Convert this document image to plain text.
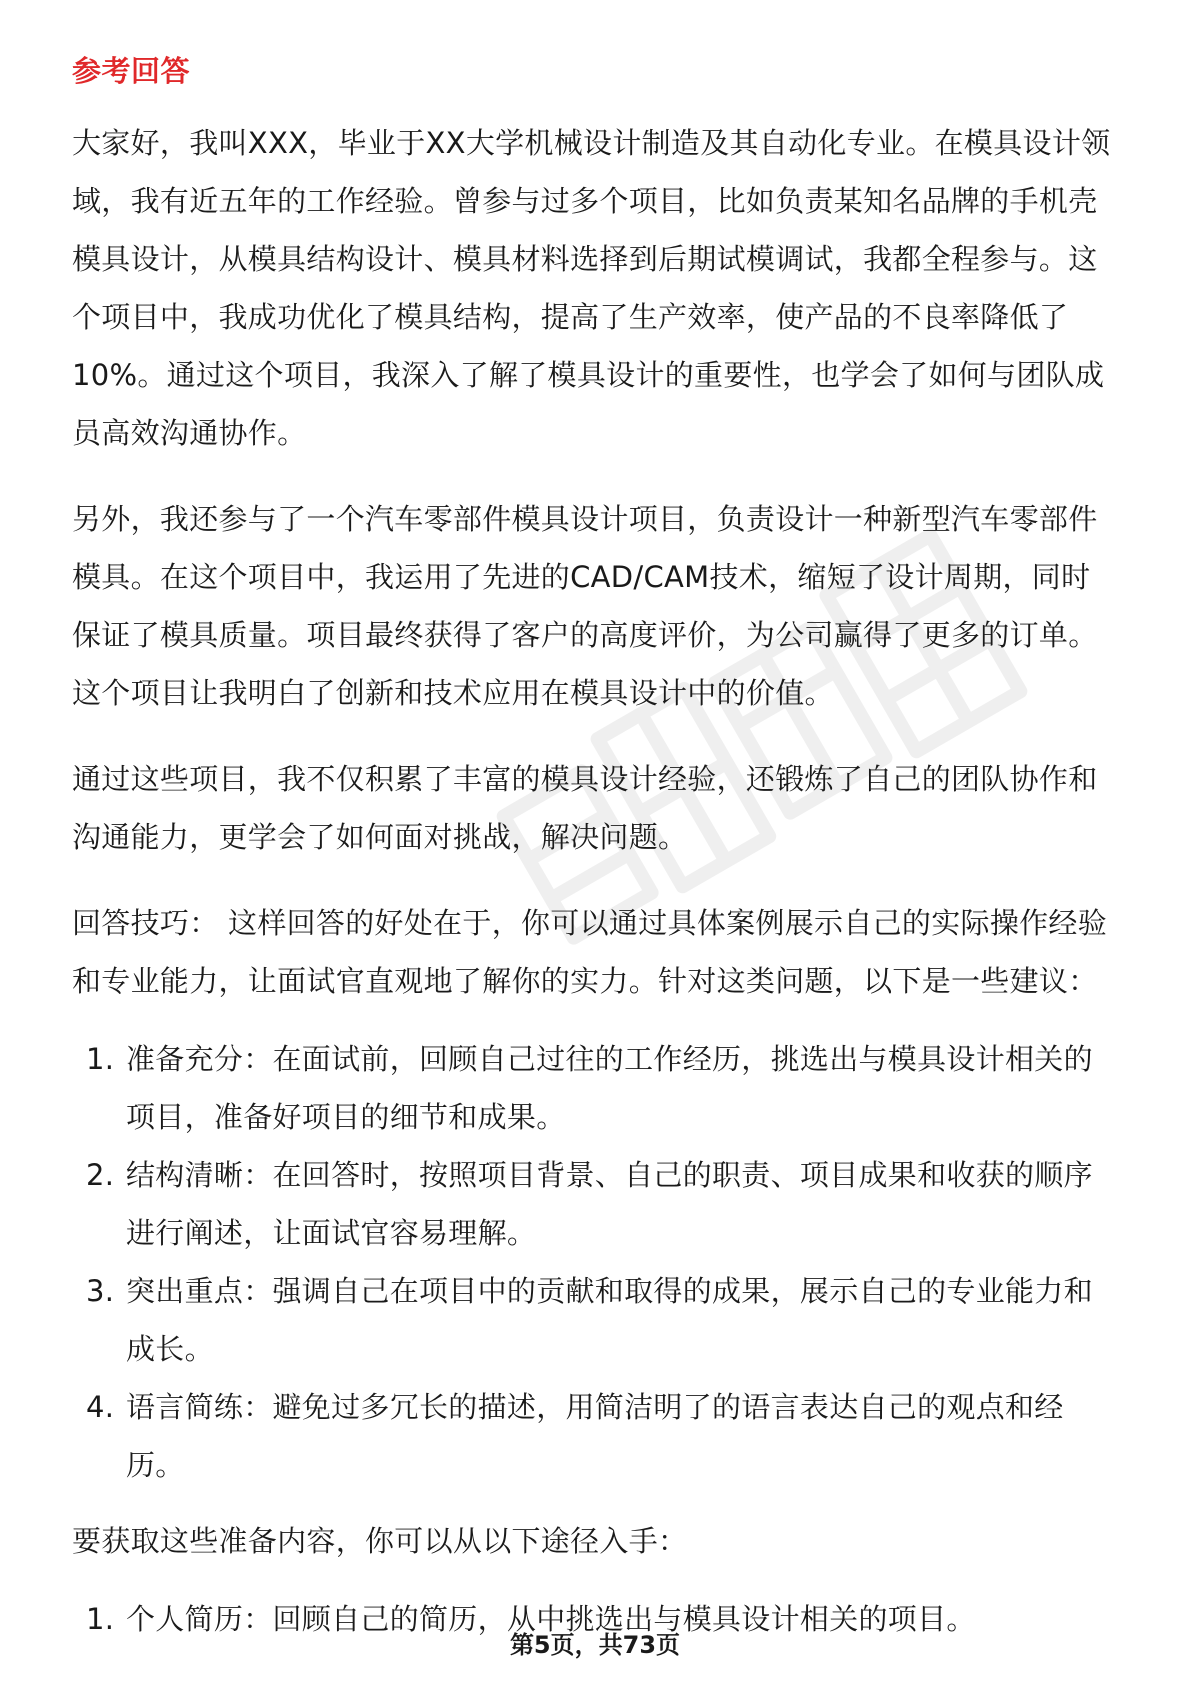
参考回答

大家好，我叫XXX，毕业于XX大学机械设计制造及其自动化专业。在模具设计领域，我有近五年的工作经验。曾参与过多个项目，比如负责某知名品牌的手机壳模具设计，从模具结构设计、模具材料选择到后期试模调试，我都全程参与。这个项目中，我成功优化了模具结构，提高了生产效率，使产品的不良率降低了10%。通过这个项目，我深入了解了模具设计的重要性，也学会了如何与团队成员高效沟通协作。

另外，我还参与了一个汽车零部件模具设计项目，负责设计一种新型汽车零部件模具。在这个项目中，我运用了先进的CAD/CAM技术，缩短了设计周期，同时保证了模具质量。项目最终获得了客户的高度评价，为公司赢得了更多的订单。这个项目让我明白了创新和技术应用在模具设计中的价值。

通过这些项目，我不仅积累了丰富的模具设计经验，还锻炼了自己的团队协作和沟通能力，更学会了如何面对挑战，解决问题。

回答技巧： 这样回答的好处在于，你可以通过具体案例展示自己的实际操作经验和专业能力，让面试官直观地了解你的实力。针对这类问题，以下是一些建议：

1. 准备充分：在面试前，回顾自己过往的工作经历，挑选出与模具设计相关的项目，准备好项目的细节和成果。
2. 结构清晰：在回答时，按照项目背景、自己的职责、项目成果和收获的顺序进行阐述，让面试官容易理解。
3. 突出重点：强调自己在项目中的贡献和取得的成果，展示自己的专业能力和成长。
4. 语言简练：避免过多冗长的描述，用简洁明了的语言表达自己的观点和经历。

要获取这些准备内容，你可以从以下途径入手：

1. 个人简历：回顾自己的简历，从中挑选出与模具设计相关的项目。
第5页，共73页
